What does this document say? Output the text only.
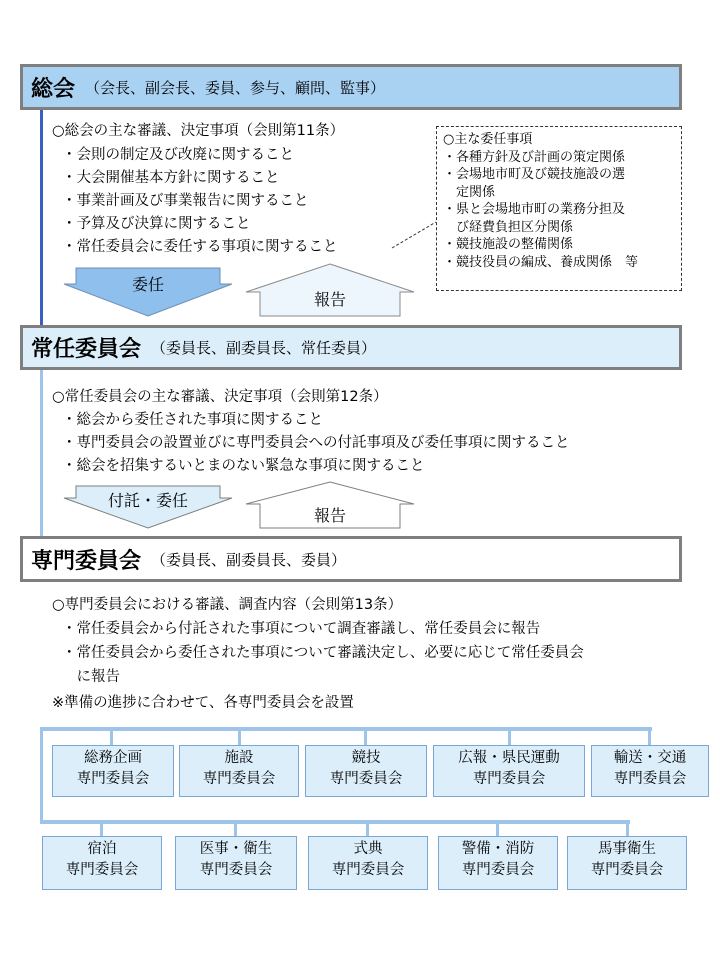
総会 （会長、副会長、委員、参与、顧問、監事）
○総会の主な審議、決定事項（会則第11条）
・会則の制定及び改廃に関すること
・大会開催基本方針に関すること
・事業計画及び事業報告に関すること
・予算及び決算に関すること
・常任委員会に委任する事項に関すること
○主な委任事項
・各種方針及び計画の策定関係
・会場地市町及び競技施設の選
　定関係
・県と会場地市町の業務分担及
　び経費負担区分関係
・競技施設の整備関係
・競技役員の編成、養成関係　等
委任
報告
常任委員会 （委員長、副委員長、常任委員）
○常任委員会の主な審議、決定事項（会則第12条）
・総会から委任された事項に関すること
・専門委員会の設置並びに専門委員会への付託事項及び委任事項に関すること
・総会を招集するいとまのない緊急な事項に関すること
付託・委任
報告
専門委員会 （委員長、副委員長、委員）
○専門委員会における審議、調査内容（会則第13条）
・常任委員会から付託された事項について調査審議し、常任委員会に報告
・常任委員会から委任された事項について審議決定し、必要に応じて常任委員会
　に報告
※準備の進捗に合わせて、各専門委員会を設置
総務企画
専門委員会
施設
専門委員会
競技
専門委員会
広報・県民運動
専門委員会
輸送・交通
専門委員会
宿泊
専門委員会
医事・衛生
専門委員会
式典
専門委員会
警備・消防
専門委員会
馬事衛生
専門委員会
